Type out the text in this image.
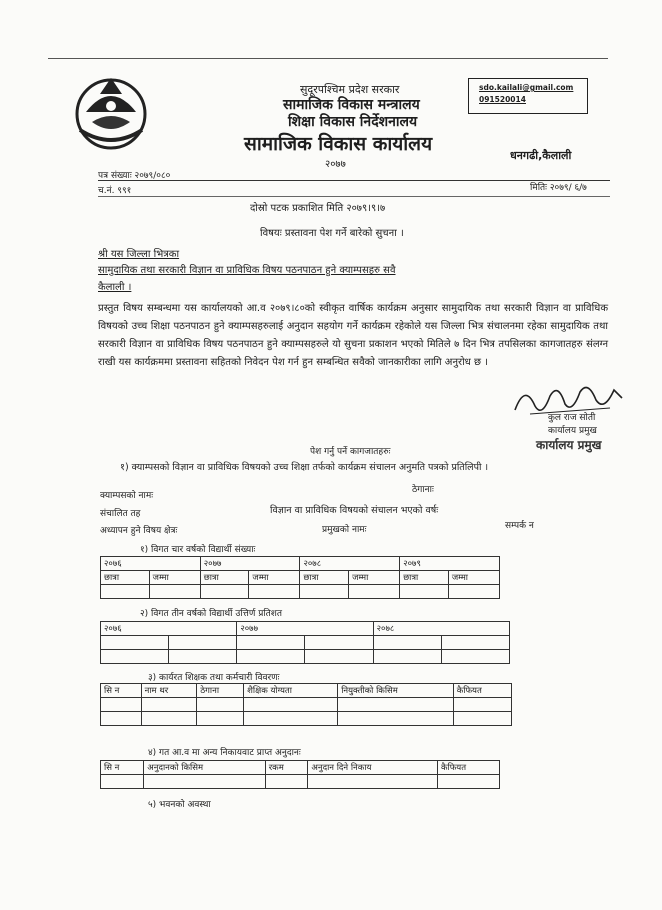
सुदूरपश्चिम प्रदेश सरकार
सामाजिक विकास मन्त्रालय
शिक्षा विकास निर्देशनालय
सामाजिक विकास कार्यालय
२०७७
sdo.kailali@gmail.com
091520014
धनगढी,कैलाली
पत्र संख्याः २०७९/०८०
च.नं. ९९१	मितिः २०७९/ ६/७
दोस्रो पटक प्रकाशित मिति २०७९।९।७
विषयः प्रस्तावना पेश गर्ने बारेको सुचना ।
श्री यस जिल्ला भित्रका
सामुदायिक तथा सरकारी विज्ञान वा प्राविधिक विषय पठनपाठन हुने क्याम्पसहरु सवै
कैलाली ।
प्रस्तुत विषय सम्बन्धमा यस कार्यालयको आ.व २०७९।८०को स्वीकृत वार्षिक कार्यक्रम अनुसार सामुदायिक तथा सरकारी विज्ञान वा प्राविधिक विषयको उच्च शिक्षा पठनपाठन हुने क्याम्पसहरुलाई अनुदान सहयोग गर्ने कार्यक्रम रहेकोले यस जिल्ला भित्र संचालनमा रहेका सामुदायिक तथा सरकारी विज्ञान वा प्राविधिक विषय पठनपाठन हुने क्याम्पसहरुले यो सुचना प्रकाशन भएको मितिले ७ दिन भित्र तपसिलका कागजातहरु संलग्न राखी यस कार्यक्रममा प्रस्तावना सहितको निवेदन पेश गर्न हुन सम्बन्धित सवैको जानकारीका लागि अनुरोध छ ।
कुल राज सोती
कार्यालय प्रमुख
कार्यालय प्रमुख
पेश गर्नु पर्ने कागजातहरुः
१) क्याम्पसको विज्ञान वा प्राविधिक विषयको उच्च शिक्षा तर्फको कार्यक्रम संचालन अनुमति पत्रको प्रतिलिपी ।
क्याम्पसको नामः
ठेगानाः
संचालित तह	विज्ञान वा प्राविधिक विषयको संचालन भएको वर्षः
अध्यापन हुने विषय क्षेत्रः	प्रमुखको नामः	सम्पर्क न
१) विगत चार वर्षको विद्यार्थी संख्याः
२०७६		२०७७		२०७८		२०७९	
छात्रा	जम्मा	छात्रा	जम्मा	छात्रा	जम्मा	छात्रा	जम्मा

२) विगत तीन वर्षको विद्यार्थी उत्तिर्ण प्रतिशत
२०७६		२०७७		२०७८	

३) कार्यरत शिक्षक तथा कर्मचारी विवरणः
सि न	नाम थर	ठेगाना	शैक्षिक योग्यता	नियुक्तीको किसिम	कैफियत

४) गत आ.व मा अन्य निकायवाट प्राप्त अनुदानः
सि न	अनुदानको किसिम	रकम	अनुदान दिने निकाय	कैफियत

५) भवनको अवस्था
